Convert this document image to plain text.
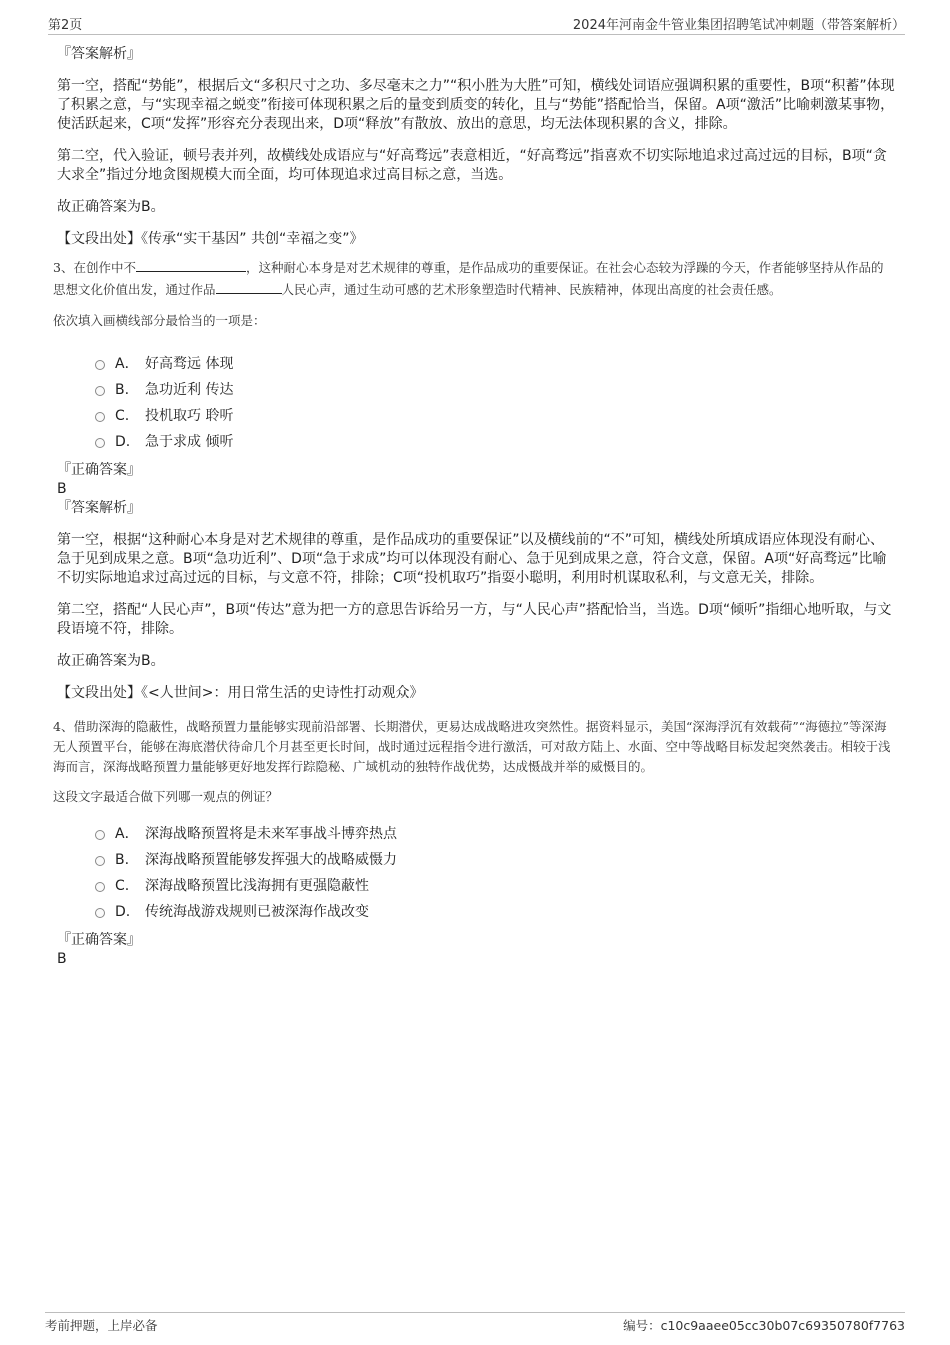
第2页	2024年河南金牛管业集团招聘笔试冲刺题（带答案解析）
『答案解析』

第一空，搭配“势能”，根据后文“多积尺寸之功、多尽毫末之力”“积小胜为大胜”可知，横线处词语应强调积累的重要性，B项“积蓄”体现了积累之意，与“实现幸福之蜕变”衔接可体现积累之后的量变到质变的转化，且与“势能”搭配恰当，保留。A项“激活”比喻刺激某事物，使活跃起来，C项“发挥”形容充分表现出来，D项“释放”有散放、放出的意思，均无法体现积累的含义，排除。

第二空，代入验证，顿号表并列，故横线处成语应与“好高骛远”表意相近，“好高骛远”指喜欢不切实际地追求过高过远的目标，B项“贪大求全”指过分地贪图规模大而全面，均可体现追求过高目标之意，当选。

故正确答案为B。

【文段出处】《传承“实干基因” 共创“幸福之变”》
3、在创作中不	，这种耐心本身是对艺术规律的尊重，是作品成功的重要保证。在社会心态较为浮躁的今天，作者能够坚持从作品的思想文化价值出发，通过作品	人民心声，通过生动可感的艺术形象塑造时代精神、民族精神，体现出高度的社会责任感。
依次填入画横线部分最恰当的一项是：
A． 好高骛远 体现
B. 急功近利 传达
C. 投机取巧 聆听
D. 急于求成 倾听
『正确答案』
B
『答案解析』

第一空，根据“这种耐心本身是对艺术规律的尊重，是作品成功的重要保证”以及横线前的“不”可知，横线处所填成语应体现没有耐心、急于见到成果之意。B项“急功近利”、D项“急于求成”均可以体现没有耐心、急于见到成果之意，符合文意，保留。A项“好高骛远”比喻不切实际地追求过高过远的目标，与文意不符，排除；C项“投机取巧”指耍小聪明，利用时机谋取私利，与文意无关，排除。

第二空，搭配“人民心声”，B项“传达”意为把一方的意思告诉给另一方，与“人民心声”搭配恰当，当选。D项“倾听”指细心地听取，与文段语境不符，排除。

故正确答案为B。

【文段出处】《<人世间>：用日常生活的史诗性打动观众》
4、借助深海的隐蔽性，战略预置力量能够实现前沿部署、长期潜伏，更易达成战略进攻突然性。据资料显示，美国“深海浮沉有效载荷”“海德拉”等深海无人预置平台，能够在海底潜伏待命几个月甚至更长时间，战时通过远程指令进行激活，可对敌方陆上、水面、空中等战略目标发起突然袭击。相较于浅海而言，深海战略预置力量能够更好地发挥行踪隐秘、广域机动的独特作战优势，达成慑战并举的威慑目的。
这段文字最适合做下列哪一观点的例证？
A． 深海战略预置将是未来军事战斗博弈热点
B. 深海战略预置能够发挥强大的战略威慑力
C. 深海战略预置比浅海拥有更强隐蔽性
D. 传统海战游戏规则已被深海作战改变
『正确答案』
B
考前押题，上岸必备	编号：c10c9aaee05cc30b07c69350780f7763
